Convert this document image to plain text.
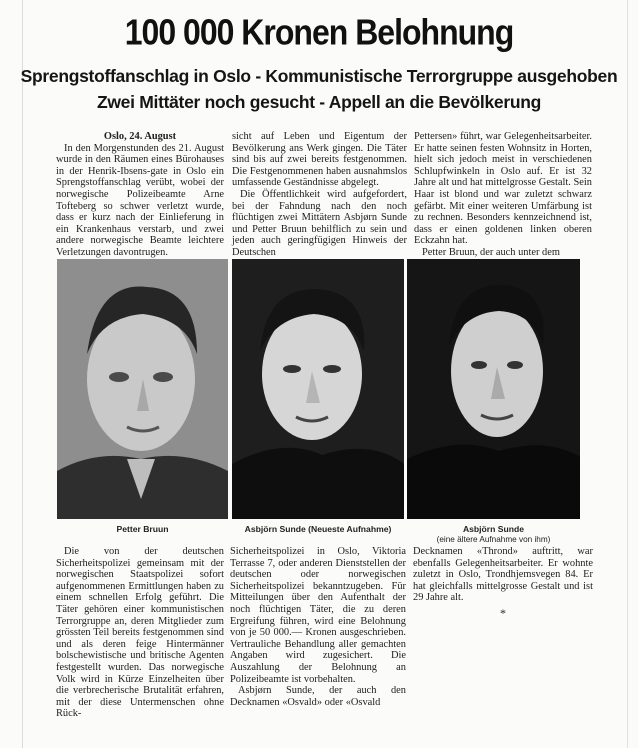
100 000 Kronen Belohnung
Sprengstoffanschlag in Oslo - Kommunistische Terrorgruppe ausgehoben
Zwei Mittäter noch gesucht - Appell an die Bevölkerung

Oslo, 24. August

In den Morgenstunden des 21. August wurde in den Räumen eines Bürohauses in der Henrik-Ibsens-gate in Oslo ein Sprengstoffanschlag verübt, wobei der norwegische Polizeibeamte Arne Tofteberg so schwer verletzt wurde, dass er kurz nach der Einlieferung in ein Krankenhaus verstarb, und zwei andere norwegische Beamte leichtere Verletzungen davontrugen.

sicht auf Leben und Eigentum der Bevölkerung ans Werk gingen. Die Täter sind bis auf zwei bereits festgenommen. Die Festgenommenen haben ausnahmslos umfassende Geständnisse abgelegt.

Die Öffentlichkeit wird aufgefordert, bei der Fahndung nach den noch flüchtigen zwei Mittätern Asbjørn Sunde und Petter Bruun behilflich zu sein und jeden auch geringfügigen Hinweis der Deutschen

Pettersen» führt, war Gelegenheitsarbeiter. Er hatte seinen festen Wohnsitz in Horten, hielt sich jedoch meist in verschiedenen Schlupfwinkeln in Oslo auf. Er ist 32 Jahre alt und hat mittelgrosse Gestalt. Sein Haar ist blond und war zuletzt schwarz gefärbt. Mit einer weiteren Umfärbung ist zu rechnen. Besonders kennzeichnend ist, dass er einen goldenen linken oberen Eckzahn hat.

Petter Bruun, der auch unter dem

Petter Bruun	Asbjörn Sunde (Neueste Aufnahme)	Asbjörn Sunde
(eine ältere Aufnahme von ihm)

Die von der deutschen Sicherheitspolizei gemeinsam mit der norwegischen Staatspolizei sofort aufgenommenen Ermittlungen haben zu einem schnellen Erfolg geführt. Die Täter gehören einer kommunistischen Terrorgruppe an, deren Mitglieder zum grössten Teil bereits festgenommen sind und als deren feige Hintermänner bolschewistische und britische Agenten festgestellt wurden. Das norwegische Volk wird in Kürze Einzelheiten über die verbrecherische Brutalität erfahren, mit der diese Untermenschen ohne Rück-

Sicherheitspolizei in Oslo, Viktoria Terrasse 7, oder anderen Dienststellen der deutschen oder norwegischen Sicherheitspolizei bekanntzugeben. Für Mitteilungen über den Aufenthalt der noch flüchtigen Täter, die zu deren Ergreifung führen, wird eine Belohnung von je 50 000.— Kronen ausgeschrieben. Vertrauliche Behandlung aller gemachten Angaben wird zugesichert. Die Auszahlung der Belohnung an Polizeibeamte ist vorbehalten.

Asbjørn Sunde, der auch den Decknamen «Osvald» oder «Osvald

Decknamen «Thrond» auftritt, war ebenfalls Gelegenheitsarbeiter. Er wohnte zuletzt in Oslo, Trondhjemsvegen 84. Er hat gleichfalls mittelgrosse Gestalt und ist 29 Jahre alt.

*
